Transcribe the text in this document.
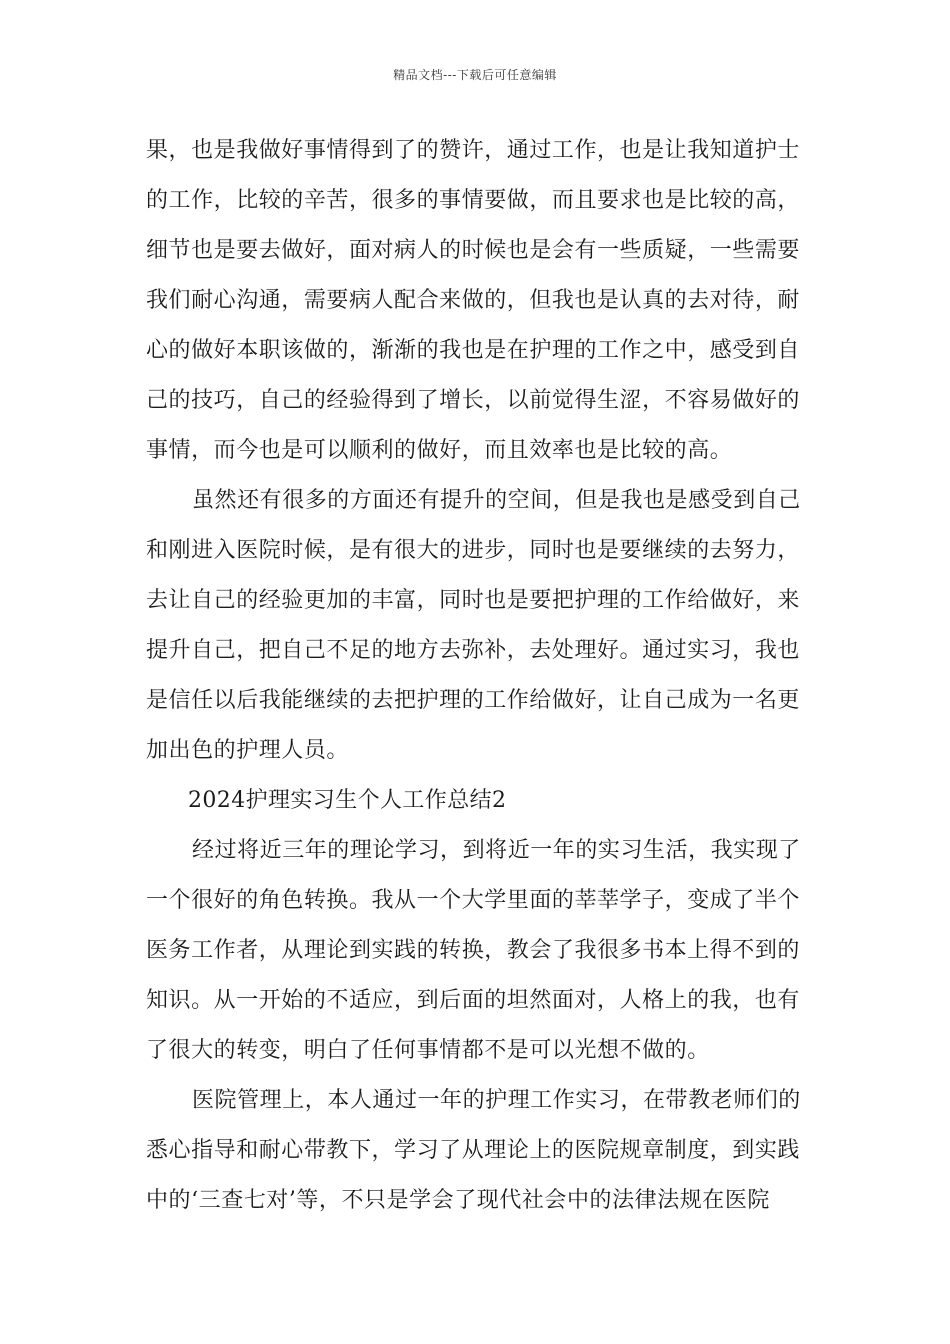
精品文档---下载后可任意编辑
果，也是我做好事情得到了的赞许，通过工作，也是让我知道护士
的工作，比较的辛苦，很多的事情要做，而且要求也是比较的高，
细节也是要去做好，面对病人的时候也是会有一些质疑，一些需要
我们耐心沟通，需要病人配合来做的，但我也是认真的去对待，耐
心的做好本职该做的，渐渐的我也是在护理的工作之中，感受到自
己的技巧，自己的经验得到了增长，以前觉得生涩，不容易做好的
事情，而今也是可以顺利的做好，而且效率也是比较的高。
虽然还有很多的方面还有提升的空间，但是我也是感受到自己
和刚进入医院时候，是有很大的进步，同时也是要继续的去努力，
去让自己的经验更加的丰富，同时也是要把护理的工作给做好，来
提升自己，把自己不足的地方去弥补，去处理好。通过实习，我也
是信任以后我能继续的去把护理的工作给做好，让自己成为一名更
加出色的护理人员。
2024护理实习生个人工作总结2
经过将近三年的理论学习，到将近一年的实习生活，我实现了
一个很好的角色转换。我从一个大学里面的莘莘学子，变成了半个
医务工作者，从理论到实践的转换，教会了我很多书本上得不到的
知识。从一开始的不适应，到后面的坦然面对，人格上的我，也有
了很大的转变，明白了任何事情都不是可以光想不做的。
医院管理上，本人通过一年的护理工作实习，在带教老师们的
悉心指导和耐心带教下，学习了从理论上的医院规章制度，到实践
中的‘三查七对’等，不只是学会了现代社会中的法律法规在医院
